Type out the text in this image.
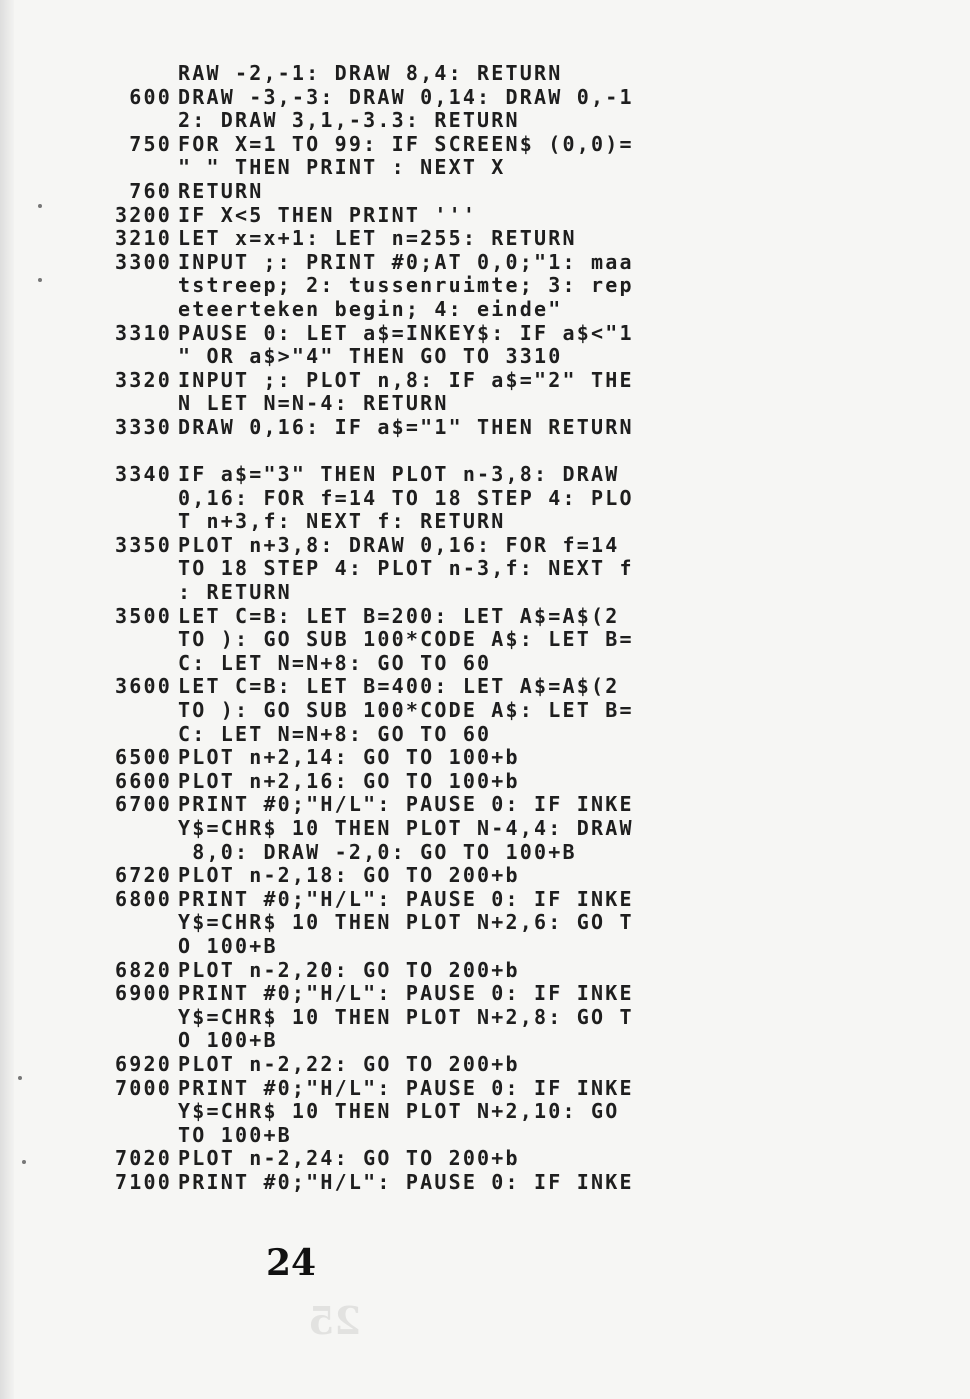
RAW -2,-1: DRAW 8,4: RETURN
600 DRAW -3,-3: DRAW 0,14: DRAW 0,-1
2: DRAW 3,1,-3.3: RETURN
750 FOR X=1 TO 99: IF SCREEN$ (0,0)=
" " THEN PRINT : NEXT X
760 RETURN
3200 IF X<5 THEN PRINT '''
3210 LET x=x+1: LET n=255: RETURN
3300 INPUT ;: PRINT #0;AT 0,0;"1: maa
tstreep; 2: tussenruimte; 3: rep
eteerteken begin; 4: einde"
3310 PAUSE 0: LET a$=INKEY$: IF a$<"1
" OR a$>"4" THEN GO TO 3310
3320 INPUT ;: PLOT n,8: IF a$="2" THE
N LET N=N-4: RETURN
3330 DRAW 0,16: IF a$="1" THEN RETURN
3340 IF a$="3" THEN PLOT n-3,8: DRAW
0,16: FOR f=14 TO 18 STEP 4: PLO
T n+3,f: NEXT f: RETURN
3350 PLOT n+3,8: DRAW 0,16: FOR f=14
TO 18 STEP 4: PLOT n-3,f: NEXT f
: RETURN
3500 LET C=B: LET B=200: LET A$=A$(2
TO ): GO SUB 100*CODE A$: LET B=
C: LET N=N+8: GO TO 60
3600 LET C=B: LET B=400: LET A$=A$(2
TO ): GO SUB 100*CODE A$: LET B=
C: LET N=N+8: GO TO 60
6500 PLOT n+2,14: GO TO 100+b
6600 PLOT n+2,16: GO TO 100+b
6700 PRINT #0;"H/L": PAUSE 0: IF INKE
Y$=CHR$ 10 THEN PLOT N-4,4: DRAW
8,0: DRAW -2,0: GO TO 100+B
6720 PLOT n-2,18: GO TO 200+b
6800 PRINT #0;"H/L": PAUSE 0: IF INKE
Y$=CHR$ 10 THEN PLOT N+2,6: GO T
O 100+B
6820 PLOT n-2,20: GO TO 200+b
6900 PRINT #0;"H/L": PAUSE 0: IF INKE
Y$=CHR$ 10 THEN PLOT N+2,8: GO T
O 100+B
6920 PLOT n-2,22: GO TO 200+b
7000 PRINT #0;"H/L": PAUSE 0: IF INKE
Y$=CHR$ 10 THEN PLOT N+2,10: GO
TO 100+B
7020 PLOT n-2,24: GO TO 200+b
7100 PRINT #0;"H/L": PAUSE 0: IF INKE
24
25
